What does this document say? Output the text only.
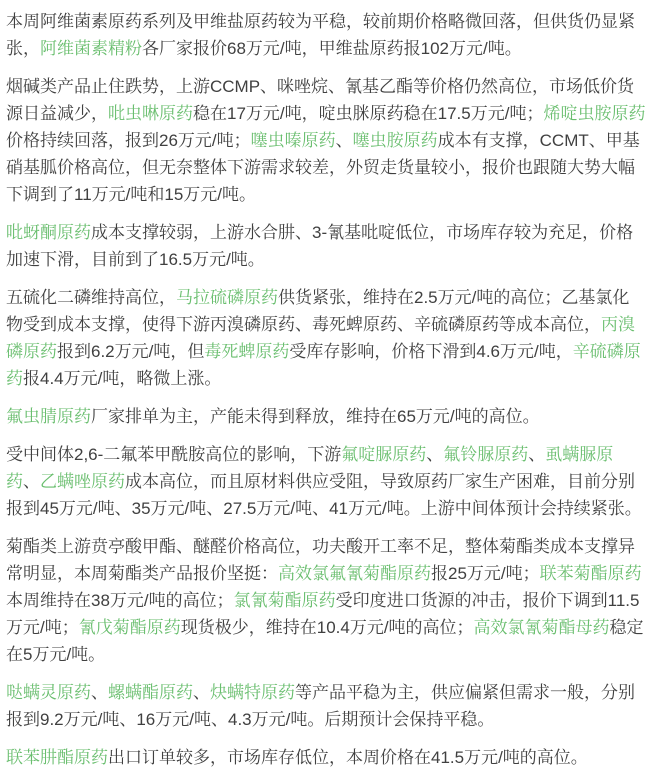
本周阿维菌素原药系列及甲维盐原药较为平稳，较前期价格略微回落，但供货仍显紧张，阿维菌素精粉各厂家报价68万元/吨，甲维盐原药报102万元/吨。

烟碱类产品止住跌势，上游CCMP、咪唑烷、氰基乙酯等价格仍然高位，市场低价货源日益减少，吡虫啉原药稳在17万元/吨，啶虫脒原药稳在17.5万元/吨；烯啶虫胺原药价格持续回落，报到26万元/吨；噻虫嗪原药、噻虫胺原药成本有支撑，CCMT、甲基硝基胍价格高位，但无奈整体下游需求较差，外贸走货量较小，报价也跟随大势大幅下调到了11万元/吨和15万元/吨。

吡蚜酮原药成本支撑较弱，上游水合肼、3-氰基吡啶低位，市场库存较为充足，价格加速下滑，目前到了16.5万元/吨。

五硫化二磷维持高位，马拉硫磷原药供货紧张，维持在2.5万元/吨的高位；乙基氯化物受到成本支撑，使得下游丙溴磷原药、毒死蜱原药、辛硫磷原药等成本高位，丙溴磷原药报到6.2万元/吨，但毒死蜱原药受库存影响，价格下滑到4.6万元/吨，辛硫磷原药报4.4万元/吨，略微上涨。

氟虫腈原药厂家排单为主，产能未得到释放，维持在65万元/吨的高位。

受中间体2,6-二氟苯甲酰胺高位的影响，下游氟啶脲原药、氟铃脲原药、虱螨脲原药、乙螨唑原药成本高位，而且原材料供应受阻，导致原药厂家生产困难，目前分别报到45万元/吨、35万元/吨、27.5万元/吨、41万元/吨。上游中间体预计会持续紧张。

菊酯类上游贲亭酸甲酯、醚醛价格高位，功夫酸开工率不足，整体菊酯类成本支撑异常明显，本周菊酯类产品报价坚挺：高效氯氟氰菊酯原药报25万元/吨；联苯菊酯原药本周维持在38万元/吨的高位；氯氰菊酯原药受印度进口货源的冲击，报价下调到11.5万元/吨；氰戊菊酯原药现货极少，维持在10.4万元/吨的高位；高效氯氰菊酯母药稳定在5万元/吨。

哒螨灵原药、螺螨酯原药、炔螨特原药等产品平稳为主，供应偏紧但需求一般，分别报到9.2万元/吨、16万元/吨、4.3万元/吨。后期预计会保持平稳。

联苯肼酯原药出口订单较多，市场库存低位，本周价格在41.5万元/吨的高位。
